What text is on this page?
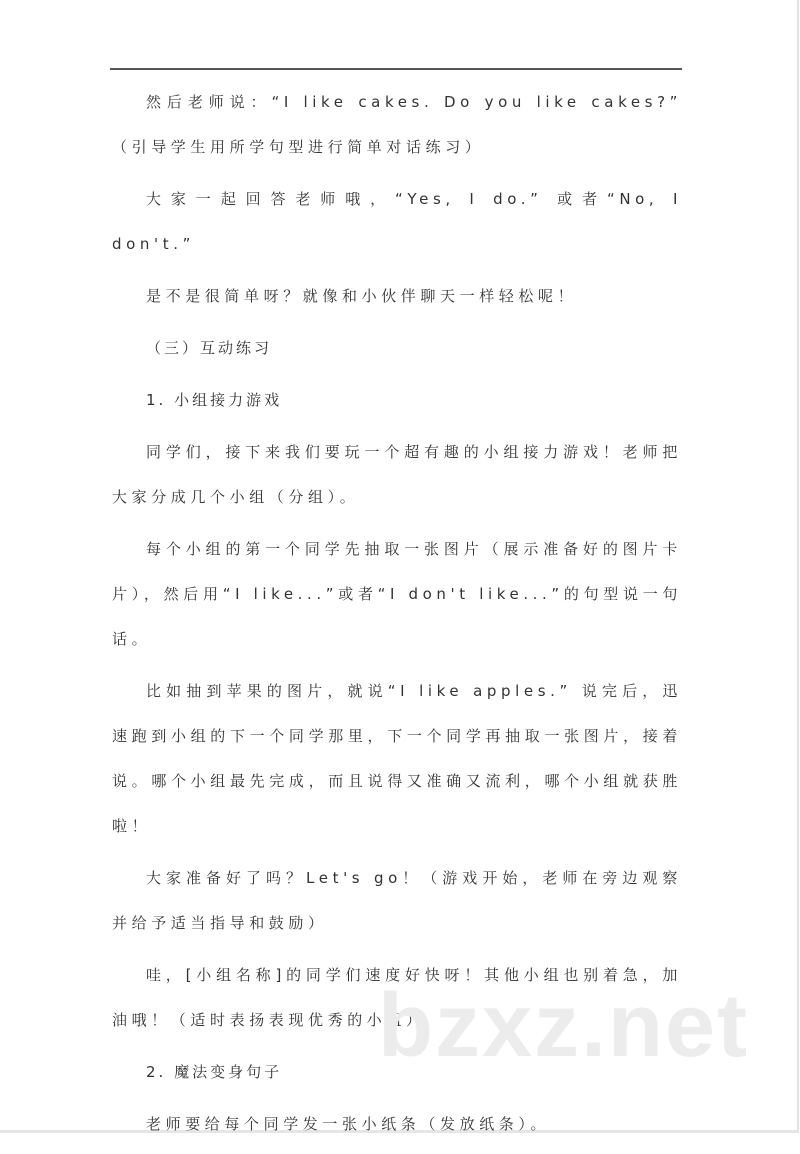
然后老师说：“I like cakes. Do you like cakes?” （引导学生用所学句型进行简单对话练习）

大家一起回答老师哦，“Yes, I do.” 或者“No, I don't.”

是不是很简单呀？就像和小伙伴聊天一样轻松呢！

（三）互动练习

1. 小组接力游戏

同学们，接下来我们要玩一个超有趣的小组接力游戏！老师把大家分成几个小组（分组）。

每个小组的第一个同学先抽取一张图片（展示准备好的图片卡片），然后用“I like...”或者“I don't like...”的句型说一句话。

比如抽到苹果的图片，就说“I like apples.” 说完后，迅速跑到小组的下一个同学那里，下一个同学再抽取一张图片，接着说。哪个小组最先完成，而且说得又准确又流利，哪个小组就获胜啦！

大家准备好了吗？Let's go！（游戏开始，老师在旁边观察并给予适当指导和鼓励）

哇，[小组名称]的同学们速度好快呀！其他小组也别着急，加油哦！（适时表扬表现优秀的小组）

2. 魔法变身句子

老师要给每个同学发一张小纸条（发放纸条）。

bzxz.net
